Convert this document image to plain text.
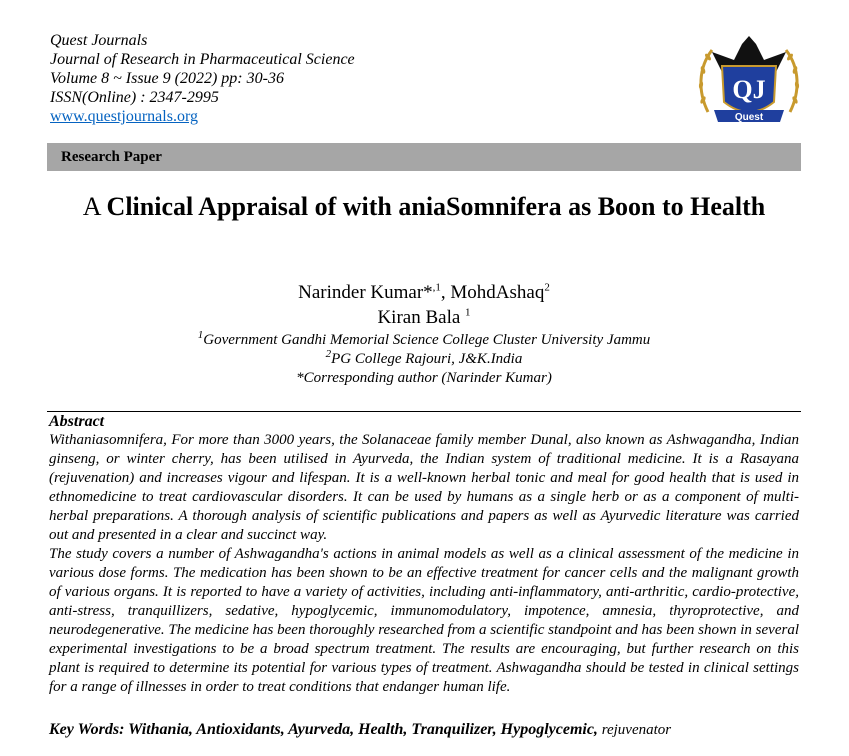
Quest Journals
Journal of Research in Pharmaceutical Science
Volume 8 ~ Issue 9 (2022) pp: 30-36
ISSN(Online) : 2347-2995
www.questjournals.org
QJ
Quest
Research Paper
A Clinical Appraisal of with aniaSomnifera as Boon to Health
Narinder Kumar*$^{,1}$, MohdAshaq$^2$
Kiran Bala $^1$
$^1$Government Gandhi Memorial Science College Cluster University Jammu
$^2$PG College Rajouri, J&K.India
*Corresponding author (Narinder Kumar)
Abstract

Withaniasomnifera, For more than 3000 years, the Solanaceae family member Dunal, also known as Ashwagandha, Indian ginseng, or winter cherry, has been utilised in Ayurveda, the Indian system of traditional medicine. It is a Rasayana (rejuvenation) and increases vigour and lifespan. It is a well-known herbal tonic and meal for good health that is used in ethnomedicine to treat cardiovascular disorders. It can be used by humans as a single herb or as a component of multi-herbal preparations. A thorough analysis of scientific publications and papers as well as Ayurvedic literature was carried out and presented in a clear and succinct way.

The study covers a number of Ashwagandha's actions in animal models as well as a clinical assessment of the medicine in various dose forms. The medication has been shown to be an effective treatment for cancer cells and the malignant growth of various organs. It is reported to have a variety of activities, including anti-inflammatory, anti-arthritic, cardio-protective, anti-stress, tranquillizers, sedative, hypoglycemic, immunomodulatory, impotence, amnesia, thyroprotective, and neurodegenerative. The medicine has been thoroughly researched from a scientific standpoint and has been shown in several experimental investigations to be a broad spectrum treatment. The results are encouraging, but further research on this plant is required to determine its potential for various types of treatment. Ashwagandha should be tested in clinical settings for a range of illnesses in order to treat conditions that endanger human life.

Key Words: Withania, Antioxidants, Ayurveda, Health, Tranquilizer, Hypoglycemic, rejuvenator
